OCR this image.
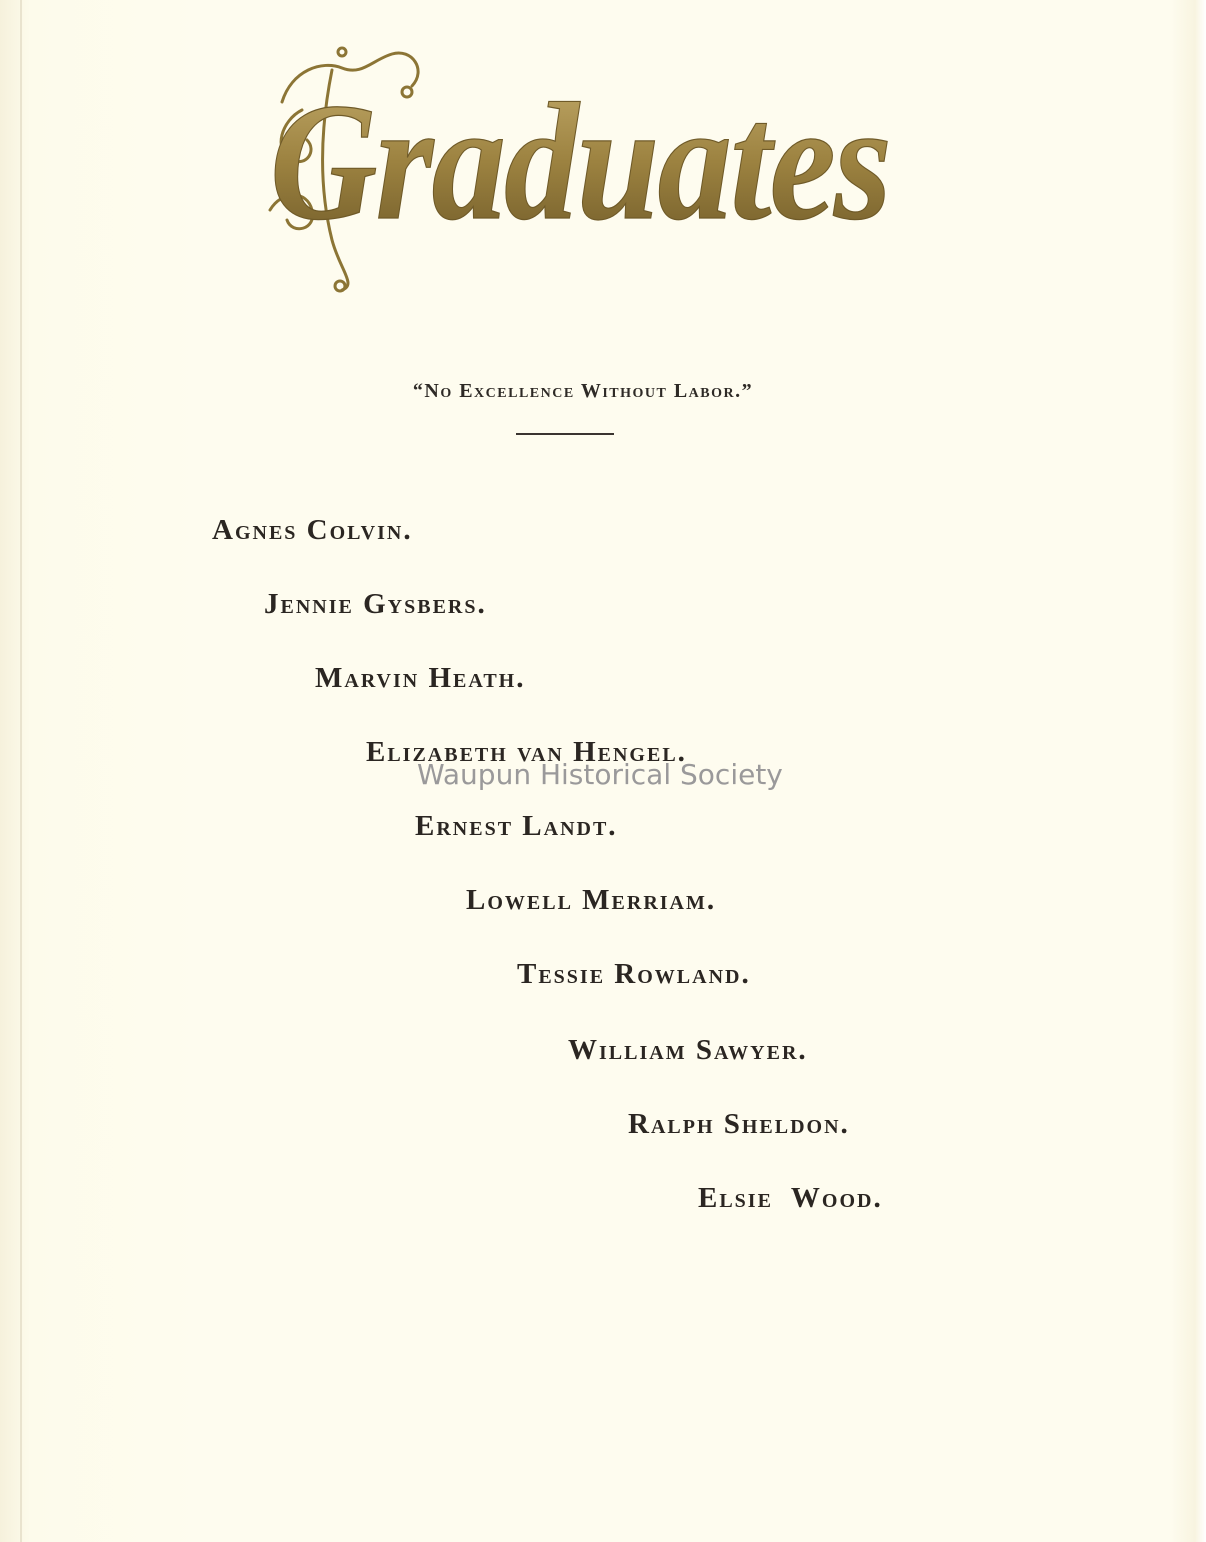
Graduates
“No Excellence Without Labor.”
Agnes Colvin.
Jennie Gysbers.
Marvin Heath.
Elizabeth van Hengel.
Ernest Landt.
Lowell Merriam.
Tessie Rowland.
William Sawyer.
Ralph Sheldon.
Elsie  Wood.
Waupun Historical Society
